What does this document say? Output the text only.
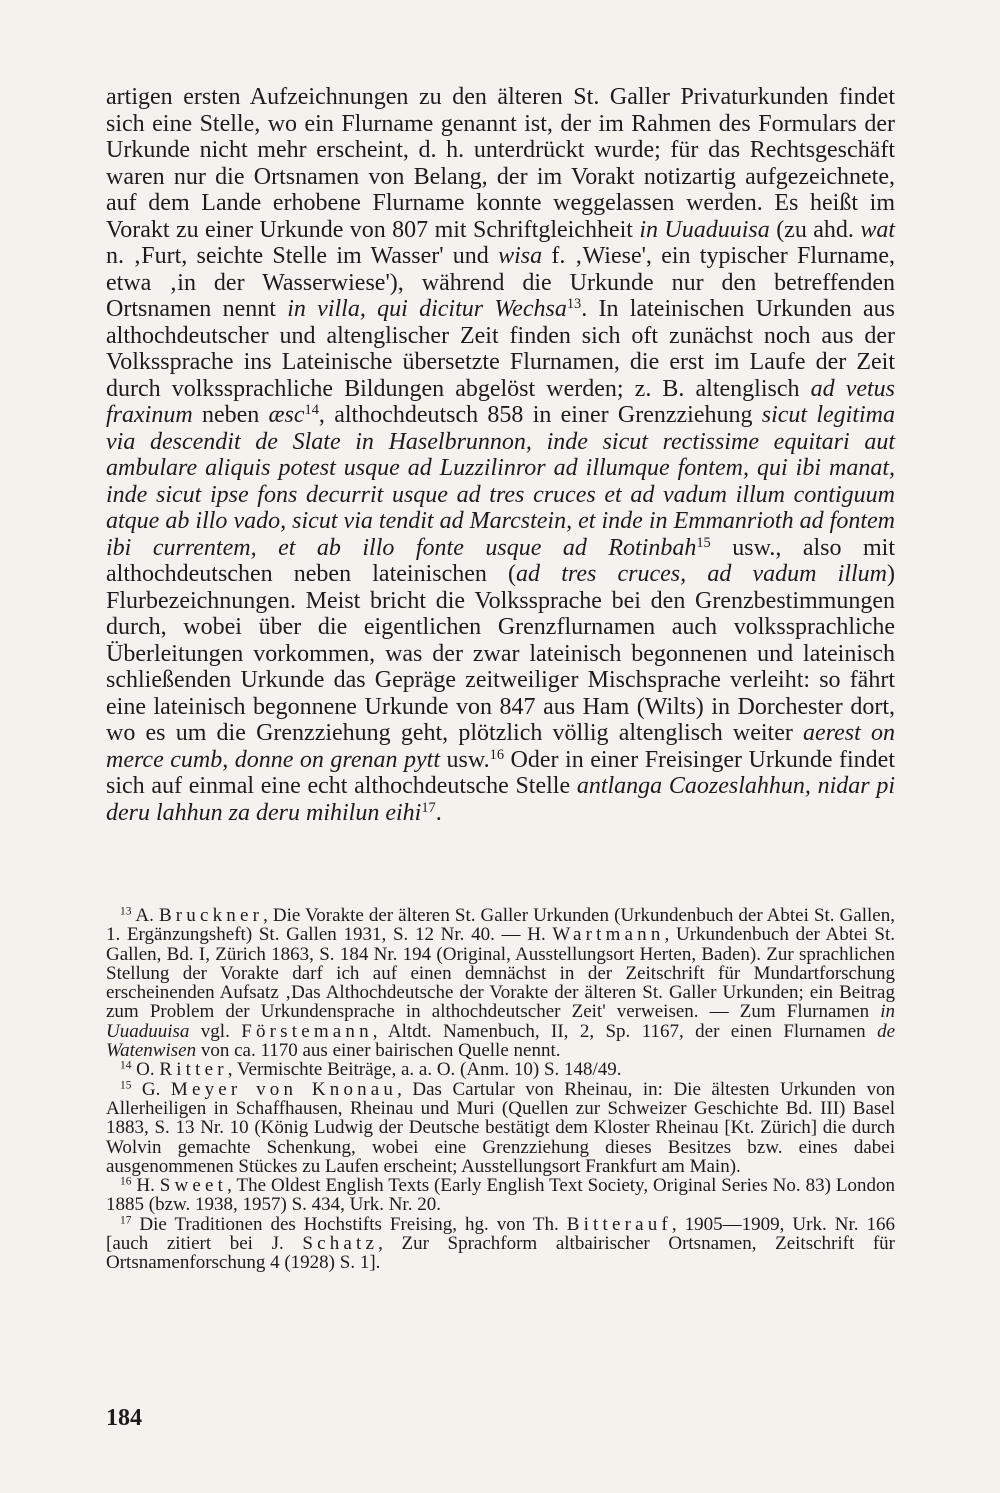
artigen ersten Aufzeichnungen zu den älteren St. Galler Privaturkunden findet sich eine Stelle, wo ein Flurname genannt ist, der im Rahmen des Formulars der Urkunde nicht mehr erscheint, d. h. unterdrückt wurde; für das Rechtsgeschäft waren nur die Ortsnamen von Belang, der im Vorakt notizartig aufgezeichnete, auf dem Lande erhobene Flurname konnte weggelassen werden. Es heißt im Vorakt zu einer Urkunde von 807 mit Schriftgleichheit in Uuaduuisa (zu ahd. wat n. ‚Furt, seichte Stelle im Wasser' und wisa f. ‚Wiese', ein typischer Flurname, etwa ‚in der Wasserwiese'), während die Urkunde nur den betreffenden Ortsnamen nennt in villa, qui dicitur Wechsa$^{13}$. In lateinischen Urkunden aus althochdeutscher und altenglischer Zeit finden sich oft zunächst noch aus der Volkssprache ins Lateinische übersetzte Flurnamen, die erst im Laufe der Zeit durch volkssprachliche Bildungen abgelöst werden; z. B. altenglisch ad vetus fraxinum neben æsc$^{14}$, althochdeutsch 858 in einer Grenzziehung sicut legitima via descendit de Slate in Haselbrunnon, inde sicut rectissime equitari aut ambulare aliquis potest usque ad Luzzilinror ad illumque fontem, qui ibi manat, inde sicut ipse fons decurrit usque ad tres cruces et ad vadum illum contiguum atque ab illo vado, sicut via tendit ad Marcstein, et inde in Emmanrioth ad fontem ibi currentem, et ab illo fonte usque ad Rotinbah$^{15}$ usw., also mit althochdeutschen neben lateinischen (ad tres cruces, ad vadum illum) Flurbezeichnungen. Meist bricht die Volkssprache bei den Grenzbestimmungen durch, wobei über die eigentlichen Grenzflurnamen auch volkssprachliche Überleitungen vorkommen, was der zwar lateinisch begonnenen und lateinisch schließenden Urkunde das Gepräge zeitweiliger Mischsprache verleiht: so fährt eine lateinisch begonnene Urkunde von 847 aus Ham (Wilts) in Dorchester dort, wo es um die Grenzziehung geht, plötzlich völlig altenglisch weiter aerest on merce cumb, donne on grenan pytt usw.$^{16}$ Oder in einer Freisinger Urkunde findet sich auf einmal eine echt althochdeutsche Stelle antlanga Caozeslahhun, nidar pi deru lahhun za deru mihilun eihi$^{17}$.

$^{13}$ A. Bruckner, Die Vorakte der älteren St. Galler Urkunden (Urkundenbuch der Abtei St. Gallen, 1. Ergänzungsheft) St. Gallen 1931, S. 12 Nr. 40. — H. Wartmann, Urkundenbuch der Abtei St. Gallen, Bd. I, Zürich 1863, S. 184 Nr. 194 (Original, Ausstellungsort Herten, Baden). Zur sprachlichen Stellung der Vorakte darf ich auf einen demnächst in der Zeitschrift für Mundartforschung erscheinenden Aufsatz ‚Das Althochdeutsche der Vorakte der älteren St. Galler Urkunden; ein Beitrag zum Problem der Urkundensprache in althochdeutscher Zeit' verweisen. — Zum Flurnamen in Uuaduuisa vgl. Förstemann, Altdt. Namenbuch, II, 2, Sp. 1167, der einen Flurnamen de Watenwisen von ca. 1170 aus einer bairischen Quelle nennt.

$^{14}$ O. Ritter, Vermischte Beiträge, a. a. O. (Anm. 10) S. 148/49.

$^{15}$ G. Meyer von Knonau, Das Cartular von Rheinau, in: Die ältesten Urkunden von Allerheiligen in Schaffhausen, Rheinau und Muri (Quellen zur Schweizer Geschichte Bd. III) Basel 1883, S. 13 Nr. 10 (König Ludwig der Deutsche bestätigt dem Kloster Rheinau [Kt. Zürich] die durch Wolvin gemachte Schenkung, wobei eine Grenzziehung dieses Besitzes bzw. eines dabei ausgenommenen Stückes zu Laufen erscheint; Ausstellungsort Frankfurt am Main).

$^{16}$ H. Sweet, The Oldest English Texts (Early English Text Society, Original Series No. 83) London 1885 (bzw. 1938, 1957) S. 434, Urk. Nr. 20.

$^{17}$ Die Traditionen des Hochstifts Freising, hg. von Th. Bitterauf, 1905—1909, Urk. Nr. 166 [auch zitiert bei J. Schatz, Zur Sprachform altbairischer Ortsnamen, Zeitschrift für Ortsnamenforschung 4 (1928) S. 1].

184
